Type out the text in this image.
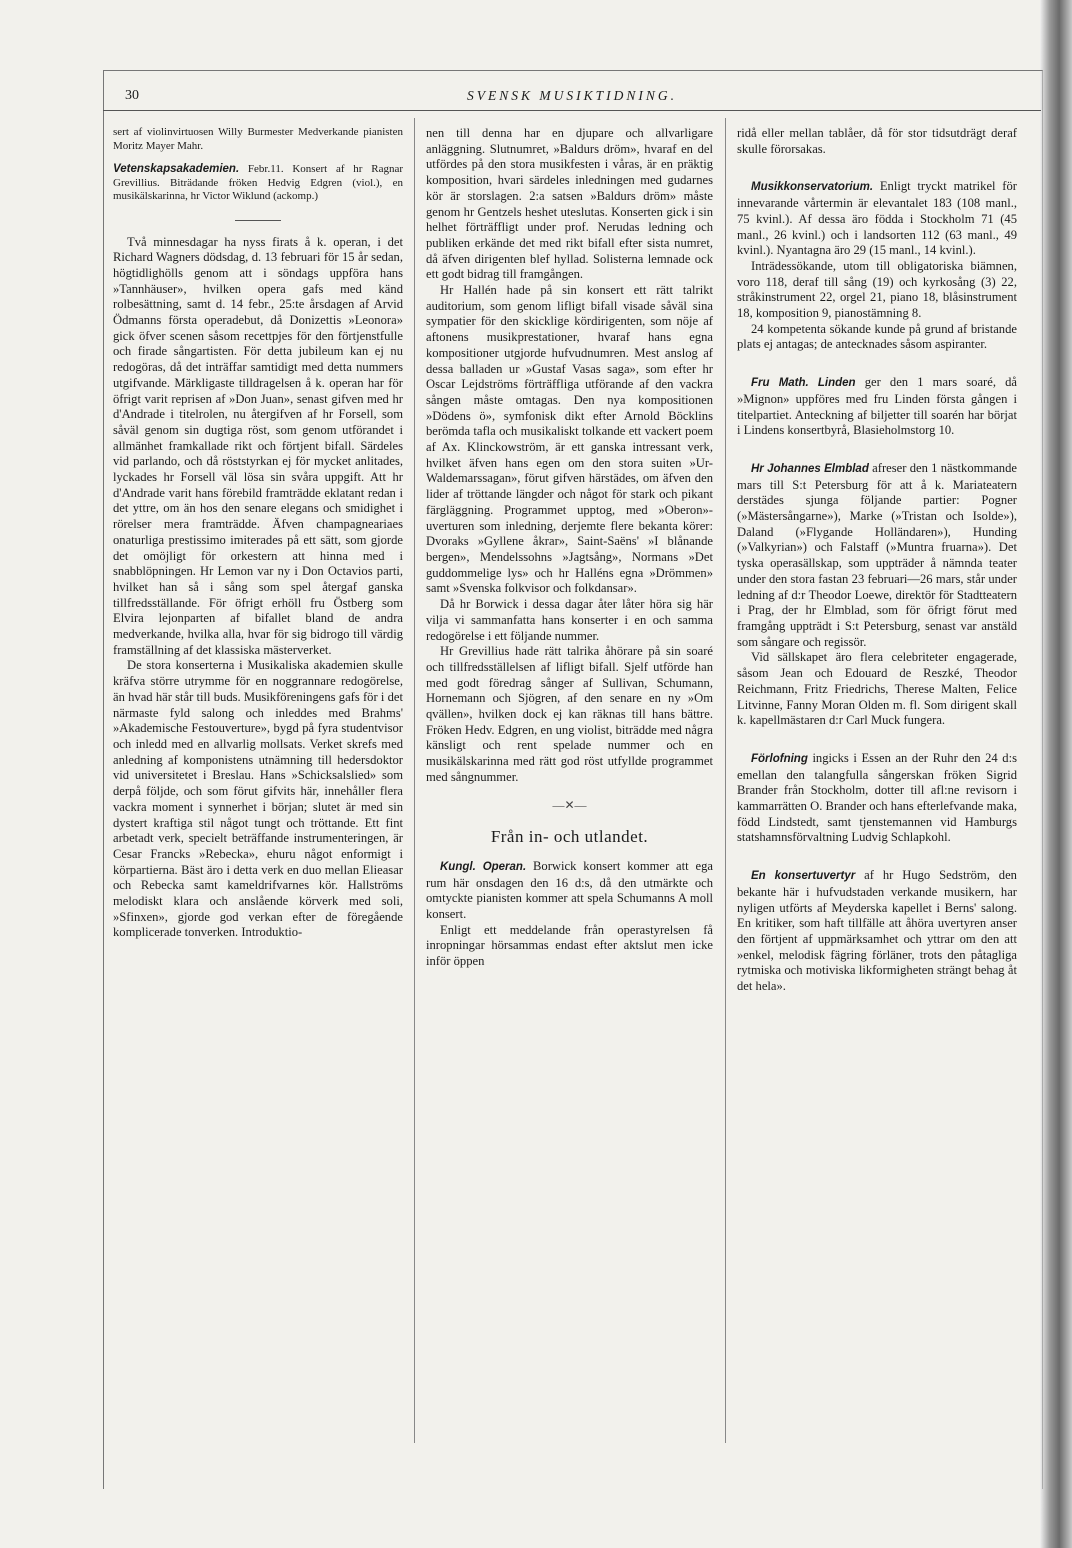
30	SVENSK MUSIKTIDNING.

sert af violinvirtuosen Willy Burmester Medverkande pianisten Moritz Mayer Mahr.

Vetenskapsakademien. Febr.11. Konsert af hr Ragnar Grevillius. Biträdande fröken Hedvig Edgren (viol.), en musikälskarinna, hr Victor Wiklund (ackomp.)

Två minnesdagar ha nyss firats å k. operan, i det Richard Wagners dödsdag, d. 13 februari för 15 år sedan, högtidlighölls genom att i söndags uppföra hans »Tannhäuser», hvilken opera gafs med känd rolbesättning, samt d. 14 febr., 25:te årsdagen af Arvid Ödmanns första operadebut, då Donizettis »Leonora» gick öfver scenen såsom recettpjes för den förtjenstfulle och firade sångartisten. För detta jubileum kan ej nu redogöras, då det inträffar samtidigt med detta nummers utgifvande. Märkligaste tilldragelsen å k. operan har för öfrigt varit reprisen af »Don Juan», senast gifven med hr d'Andrade i titelrolen, nu återgifven af hr Forsell, som såväl genom sin dugtiga röst, som genom utförandet i allmänhet framkallade rikt och förtjent bifall. Särdeles vid parlando, och då röststyrkan ej för mycket anlitades, lyckades hr Forsell väl lösa sin svåra uppgift. Att hr d'Andrade varit hans förebild framträdde eklatant redan i det yttre, om än hos den senare elegans och smidighet i rörelser mera framträdde. Äfven champagneariaes onaturliga prestissimo imiterades på ett sätt, som gjorde det omöjligt för orkestern att hinna med i snabblöpningen. Hr Lemon var ny i Don Octavios parti, hvilket han så i sång som spel återgaf ganska tillfredsställande. För öfrigt erhöll fru Östberg som Elvira lejonparten af bifallet bland de andra medverkande, hvilka alla, hvar för sig bidrogo till värdig framställning af det klassiska mästerverket.

De stora konserterna i Musikaliska akademien skulle kräfva större utrymme för en noggrannare redogörelse, än hvad här står till buds. Musikföreningens gafs för i det närmaste fyld salong och inleddes med Brahms' »Akademische Festouverture», bygd på fyra studentvisor och inledd med en allvarlig mollsats. Verket skrefs med anledning af komponistens utnämning till hedersdoktor vid universitetet i Breslau. Hans »Schicksalslied» som derpå följde, och som förut gifvits här, innehåller flera vackra moment i synnerhet i början; slutet är med sin dystert kraftiga stil något tungt och tröttande. Ett fint arbetadt verk, specielt beträffande instrumenteringen, är Cesar Francks »Rebecka», ehuru något enformigt i körpartierna. Bäst äro i detta verk en duo mellan Elieasar och Rebecka samt kameldrifvarnes kör. Hallströms melodiskt klara och anslående körverk med soli, »Sfinxen», gjorde god verkan efter de föregående komplicerade tonverken. Introduktio-

nen till denna har en djupare och allvarligare anläggning. Slutnumret, »Baldurs dröm», hvaraf en del utfördes på den stora musikfesten i våras, är en präktig komposition, hvari särdeles inledningen med gudarnes kör är storslagen. 2:a satsen »Baldurs dröm» måste genom hr Gentzels heshet uteslutas. Konserten gick i sin helhet förträffligt under prof. Nerudas ledning och publiken erkände det med rikt bifall efter sista numret, då äfven dirigenten blef hyllad. Solisterna lemnade ock ett godt bidrag till framgången.

Hr Hallén hade på sin konsert ett rätt talrikt auditorium, som genom lifligt bifall visade såväl sina sympatier för den skicklige kördirigenten, som nöje af aftonens musikprestationer, hvaraf hans egna kompositioner utgjorde hufvudnumren. Mest anslog af dessa balladen ur »Gustaf Vasas saga», som efter hr Oscar Lejdströms förträffliga utförande af den vackra sången måste omtagas. Den nya kompositionen »Dödens ö», symfonisk dikt efter Arnold Böcklins berömda tafla och musikaliskt tolkande ett vackert poem af Ax. Klinckowström, är ett ganska intressant verk, hvilket äfven hans egen om den stora suiten »Ur-Waldemarssagan», förut gifven härstädes, om äfven den lider af tröttande längder och något för stark och pikant färgläggning. Programmet upptog, med »Oberon»-uverturen som inledning, derjemte flere bekanta körer: Dvoraks »Gyllene åkrar», Saint-Saëns' »I blånande bergen», Mendelssohns »Jagtsång», Normans »Det guddommelige lys» och hr Halléns egna »Drömmen» samt »Svenska folkvisor och folkdansar».

Då hr Borwick i dessa dagar åter låter höra sig här vilja vi sammanfatta hans konserter i en och samma redogörelse i ett följande nummer.

Hr Grevillius hade rätt talrika åhörare på sin soaré och tillfredsställelsen af lifligt bifall. Sjelf utförde han med godt föredrag sånger af Sullivan, Schumann, Hornemann och Sjögren, af den senare en ny »Om qvällen», hvilken dock ej kan räknas till hans bättre. Fröken Hedv. Edgren, en ung violist, biträdde med några känsligt och rent spelade nummer och en musikälskarinna med rätt god röst utfyllde programmet med sångnummer.

—✕—
Från in- och utlandet.

Kungl. Operan. Borwick konsert kommer att ega rum här onsdagen den 16 d:s, då den utmärkte och omtyckte pianisten kommer att spela Schumanns A moll konsert.

Enligt ett meddelande från operastyrelsen få inropningar hörsammas endast efter aktslut men icke inför öppen

ridå eller mellan tablåer, då för stor tidsutdrägt deraf skulle förorsakas.

Musikkonservatorium. Enligt tryckt matrikel för innevarande vårtermin är elevantalet 183 (108 manl., 75 kvinl.). Af dessa äro födda i Stockholm 71 (45 manl., 26 kvinl.) och i landsorten 112 (63 manl., 49 kvinl.). Nyantagna äro 29 (15 manl., 14 kvinl.).

Inträdessökande, utom till obligatoriska biämnen, voro 118, deraf till sång (19) och kyrkosång (3) 22, stråkinstrument 22, orgel 21, piano 18, blåsinstrument 18, komposition 9, pianostämning 8.

24 kompetenta sökande kunde på grund af bristande plats ej antagas; de antecknades såsom aspiranter.

Fru Math. Linden ger den 1 mars soaré, då »Mignon» uppföres med fru Linden första gången i titelpartiet. Anteckning af biljetter till soarén har börjat i Lindens konsertbyrå, Blasieholmstorg 10.

Hr Johannes Elmblad afreser den 1 nästkommande mars till S:t Petersburg för att å k. Mariateatern derstädes sjunga följande partier: Pogner (»Mästersångarne»), Marke (»Tristan och Isolde»), Daland (»Flygande Holländaren»), Hunding (»Valkyrian») och Falstaff (»Muntra fruarna»). Det tyska operasällskap, som uppträder å nämnda teater under den stora fastan 23 februari—26 mars, står under ledning af d:r Theodor Loewe, direktör för Stadtteatern i Prag, der hr Elmblad, som för öfrigt förut med framgång uppträdt i S:t Petersburg, senast var anstäld som sångare och regissör.

Vid sällskapet äro flera celebriteter engagerade, såsom Jean och Edouard de Reszké, Theodor Reichmann, Fritz Friedrichs, Therese Malten, Felice Litvinne, Fanny Moran Olden m. fl. Som dirigent skall k. kapellmästaren d:r Carl Muck fungera.

Förlofning ingicks i Essen an der Ruhr den 24 d:s emellan den talangfulla sångerskan fröken Sigrid Brander från Stockholm, dotter till afl:ne revisorn i kammarrätten O. Brander och hans efterlefvande maka, född Lindstedt, samt tjenstemannen vid Hamburgs statshamnsförvaltning Ludvig Schlapkohl.

En konsertuvertyr af hr Hugo Sedström, den bekante här i hufvudstaden verkande musikern, har nyligen utförts af Meyderska kapellet i Berns' salong. En kritiker, som haft tillfälle att åhöra uvertyren anser den förtjent af uppmärksamhet och yttrar om den att »enkel, melodisk fägring förläner, trots den påtagliga rytmiska och motiviska likformigheten strängt behag åt det hela».
